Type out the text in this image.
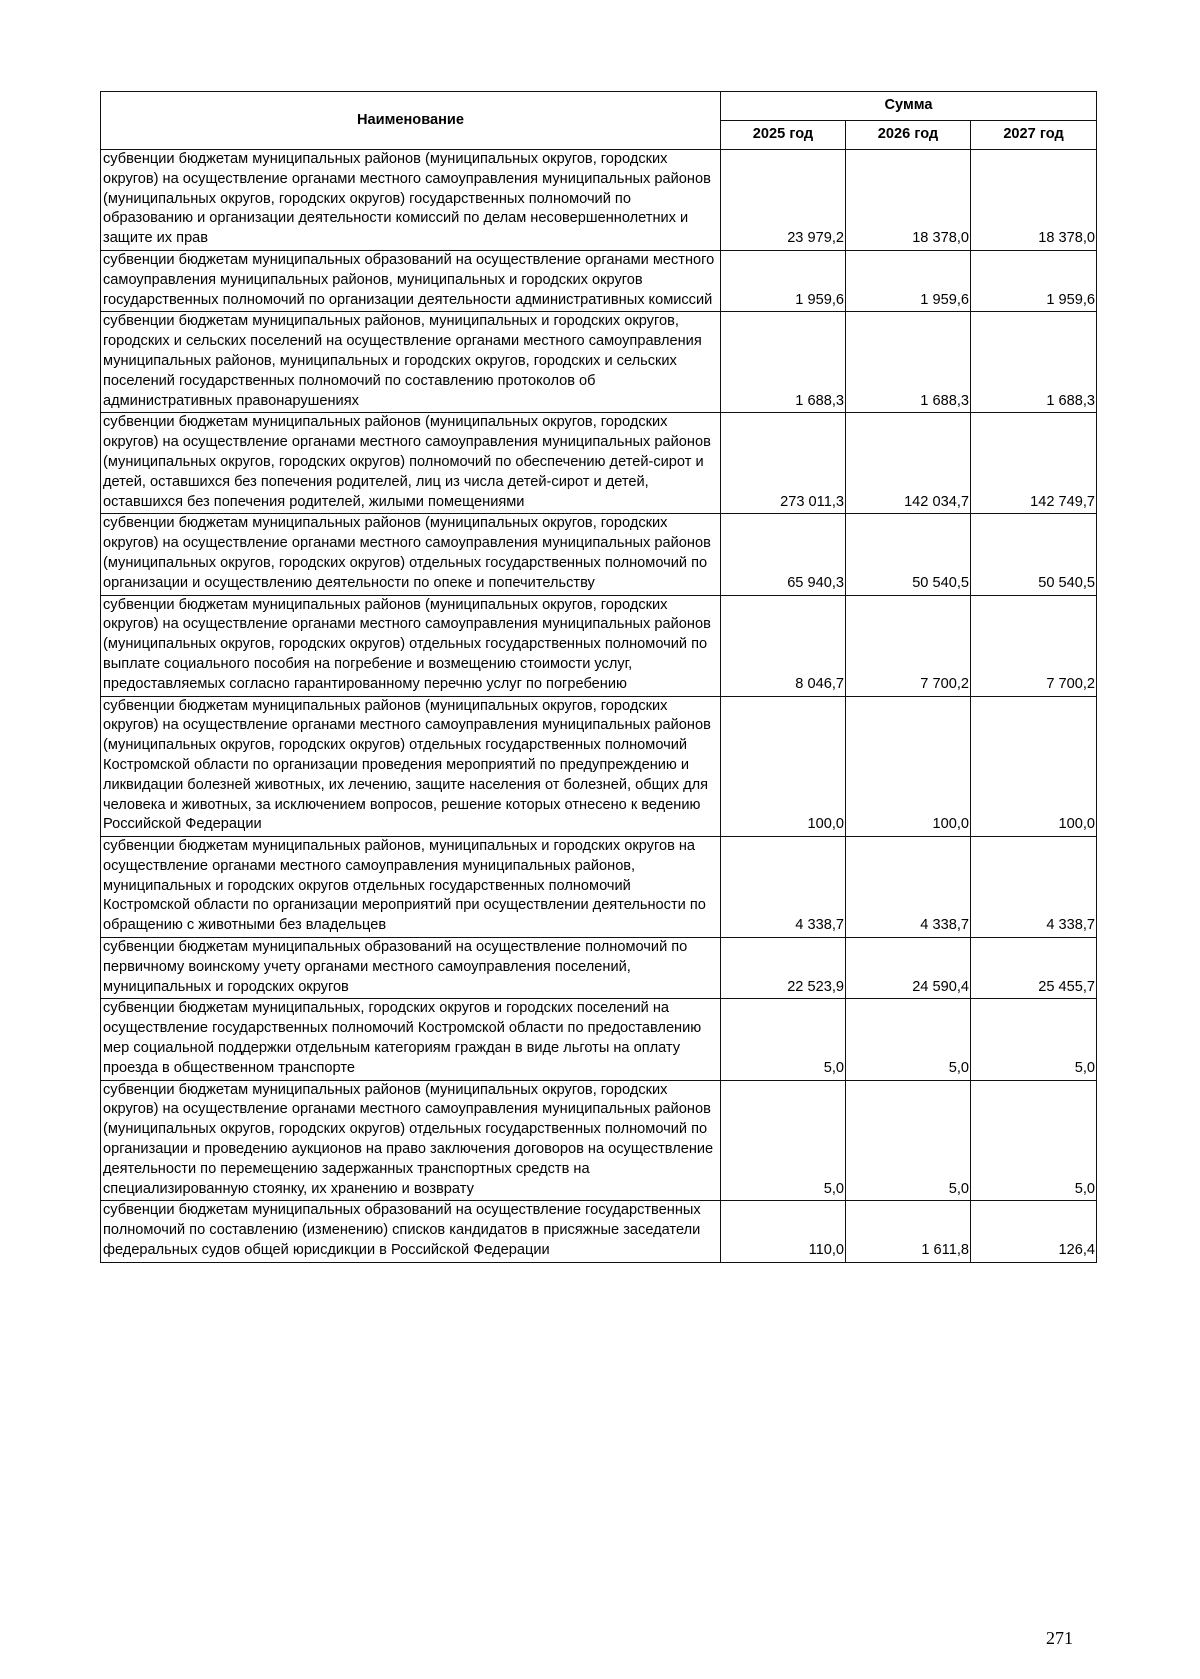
Наименование	Сумма		
	2025 год	2026 год	2027 год
субвенции бюджетам муниципальных районов (муниципальных округов, городских округов) на осуществление органами местного самоуправления муниципальных районов (муниципальных округов, городских округов) государственных полномочий по образованию и организации деятельности комиссий по делам несовершеннолетних и защите их прав	23 979,2	18 378,0	18 378,0
субвенции бюджетам муниципальных образований на осуществление органами местного самоуправления муниципальных районов, муниципальных и городских округов государственных полномочий по организации деятельности административных комиссий	1 959,6	1 959,6	1 959,6
субвенции бюджетам муниципальных районов, муниципальных и городских округов, городских и сельских поселений на осуществление органами местного самоуправления муниципальных районов, муниципальных и городских округов, городских и сельских поселений государственных полномочий по составлению протоколов об административных правонарушениях	1 688,3	1 688,3	1 688,3
субвенции бюджетам муниципальных районов (муниципальных округов, городских округов) на осуществление органами местного самоуправления муниципальных районов (муниципальных округов, городских округов) полномочий по обеспечению детей-сирот и детей, оставшихся без попечения родителей, лиц из числа детей-сирот и детей, оставшихся без попечения родителей, жилыми помещениями	273 011,3	142 034,7	142 749,7
субвенции бюджетам муниципальных районов (муниципальных округов, городских округов) на осуществление органами местного самоуправления муниципальных районов (муниципальных округов, городских округов) отдельных государственных полномочий по организации и осуществлению деятельности по опеке и попечительству	65 940,3	50 540,5	50 540,5
субвенции бюджетам муниципальных районов (муниципальных округов, городских округов) на осуществление органами местного самоуправления муниципальных районов (муниципальных округов, городских округов) отдельных государственных полномочий по выплате социального пособия на погребение и возмещению стоимости услуг, предоставляемых согласно гарантированному перечню услуг по погребению	8 046,7	7 700,2	7 700,2
субвенции бюджетам муниципальных районов (муниципальных округов, городских округов) на осуществление органами местного самоуправления муниципальных районов (муниципальных округов, городских округов) отдельных государственных полномочий Костромской области по организации проведения мероприятий по предупреждению и ликвидации болезней животных, их лечению, защите населения от болезней, общих для человека и животных, за исключением вопросов, решение которых отнесено к ведению Российской Федерации	100,0	100,0	100,0
субвенции бюджетам муниципальных районов, муниципальных и городских округов на осуществление органами местного самоуправления муниципальных районов, муниципальных и городских округов отдельных государственных полномочий Костромской области по организации мероприятий при осуществлении деятельности по обращению с животными без владельцев	4 338,7	4 338,7	4 338,7
субвенции бюджетам муниципальных образований на осуществление полномочий по первичному воинскому учету органами местного самоуправления поселений, муниципальных и городских округов	22 523,9	24 590,4	25 455,7
субвенции бюджетам муниципальных, городских округов и городских поселений на осуществление государственных полномочий Костромской области по предоставлению мер социальной поддержки отдельным категориям граждан в виде льготы на оплату проезда в общественном транспорте	5,0	5,0	5,0
субвенции бюджетам муниципальных районов (муниципальных округов, городских округов) на осуществление органами местного самоуправления муниципальных районов (муниципальных округов, городских округов) отдельных государственных полномочий по организации и проведению аукционов на право заключения договоров на осуществление деятельности по перемещению задержанных транспортных средств на специализированную стоянку, их хранению и возврату	5,0	5,0	5,0
субвенции бюджетам муниципальных образований на осуществление государственных полномочий по составлению (изменению) списков кандидатов в присяжные заседатели федеральных судов общей юрисдикции в Российской Федерации	110,0	1 611,8	126,4
271
